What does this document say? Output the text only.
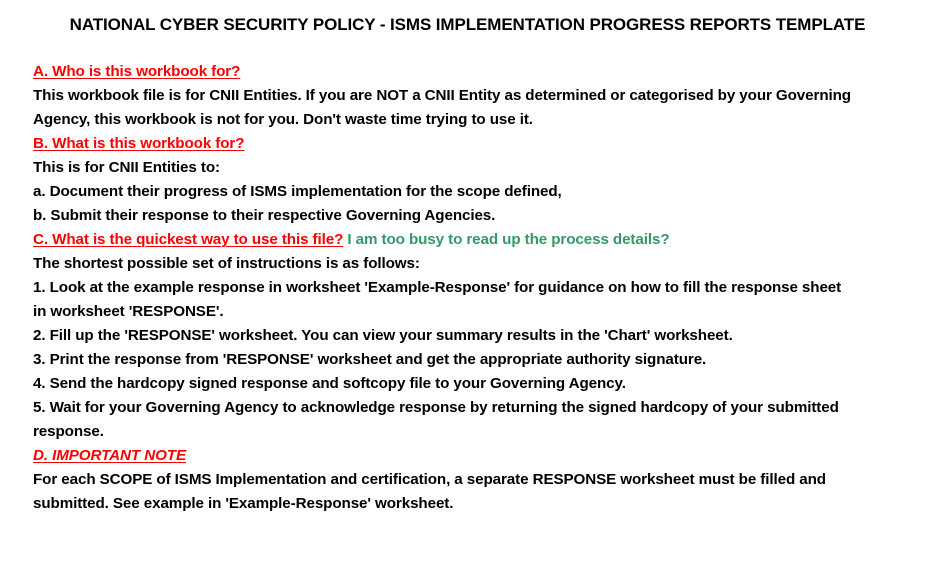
NATIONAL CYBER SECURITY POLICY - ISMS IMPLEMENTATION PROGRESS REPORTS TEMPLATE
A. Who is this workbook for?
This workbook file is for CNII Entities. If you are NOT a CNII Entity as determined or categorised by your Governing
Agency, this workbook is not for you. Don't waste time trying to use it.
B. What is this workbook for?
This is for CNII Entities to:
a. Document their progress of ISMS implementation for the scope defined,
b. Submit their response to their respective Governing Agencies.
C. What is the quickest way to use this file? I am too busy to read up the process details?
The shortest possible set of instructions is as follows:
1. Look at the example response in worksheet 'Example-Response' for guidance on how to fill the response sheet
in worksheet 'RESPONSE'.
2. Fill up the 'RESPONSE' worksheet. You can view your summary results in the 'Chart' worksheet.
3. Print the response from 'RESPONSE' worksheet and get the appropriate authority signature.
4. Send the hardcopy signed response and softcopy file to your Governing Agency.
5. Wait for your Governing Agency to acknowledge response by returning the signed hardcopy of your submitted
response.
D. IMPORTANT NOTE
For each SCOPE of ISMS Implementation and certification, a separate RESPONSE worksheet must be filled and
submitted. See example in 'Example-Response' worksheet.
